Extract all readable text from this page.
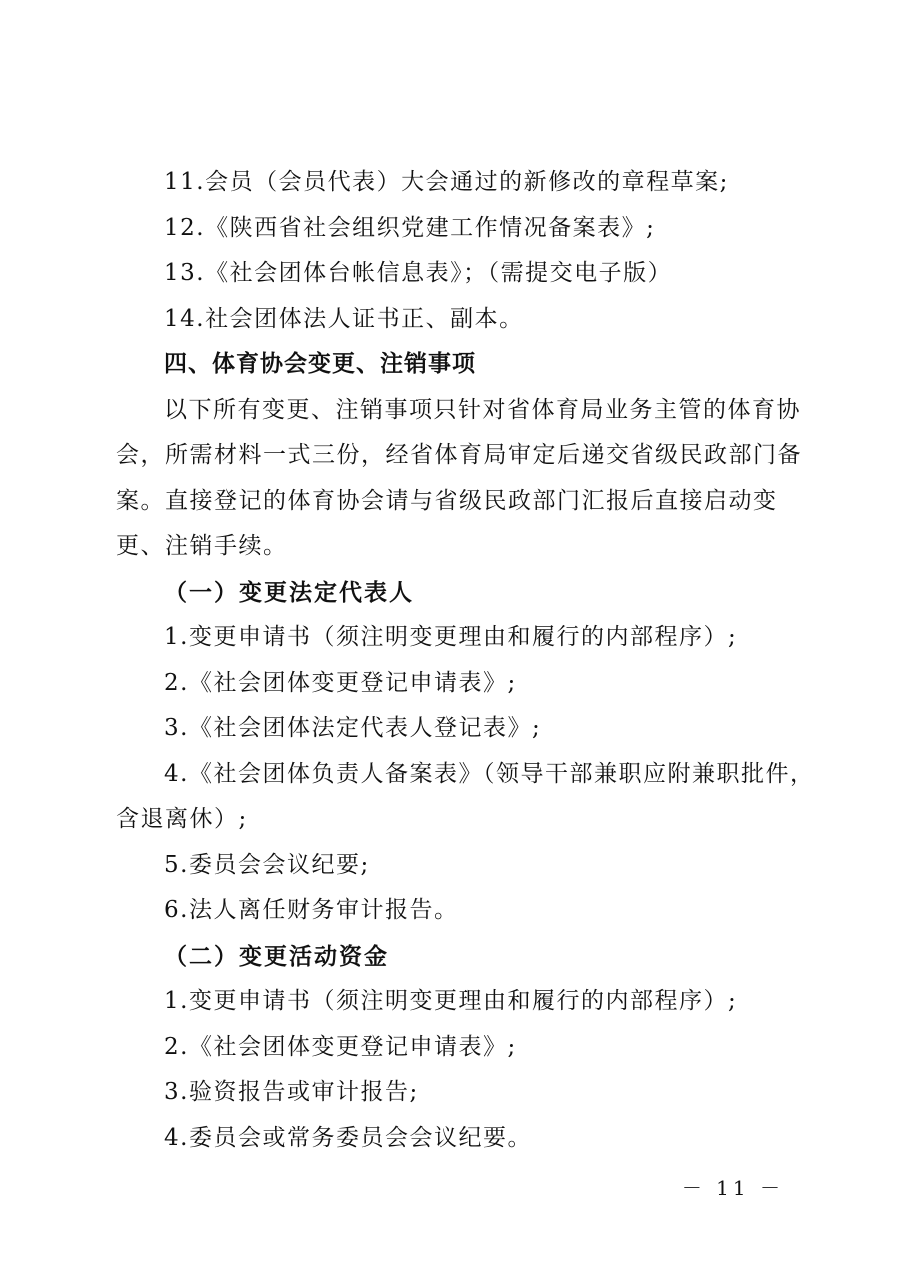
11.会员（会员代表）大会通过的新修改的章程草案;
12.《陕西省社会组织党建工作情况备案表》;
13.《社会团体台帐信息表》；（需提交电子版）
14.社会团体法人证书正、副本。
四、体育协会变更、注销事项
以下所有变更、注销事项只针对省体育局业务主管的体育协
会，所需材料一式三份，经省体育局审定后递交省级民政部门备
案。直接登记的体育协会请与省级民政部门汇报后直接启动变
更、注销手续。
（一）变更法定代表人
1.变更申请书（须注明变更理由和履行的内部程序）;
2.《社会团体变更登记申请表》;
3.《社会团体法定代表人登记表》;
4.《社会团体负责人备案表》（领导干部兼职应附兼职批件，
含退离休）;
5.委员会会议纪要;
6.法人离任财务审计报告。
（二）变更活动资金
1.变更申请书（须注明变更理由和履行的内部程序）;
2.《社会团体变更登记申请表》;
3.验资报告或审计报告;
4.委员会或常务委员会会议纪要。
－ 11 －
